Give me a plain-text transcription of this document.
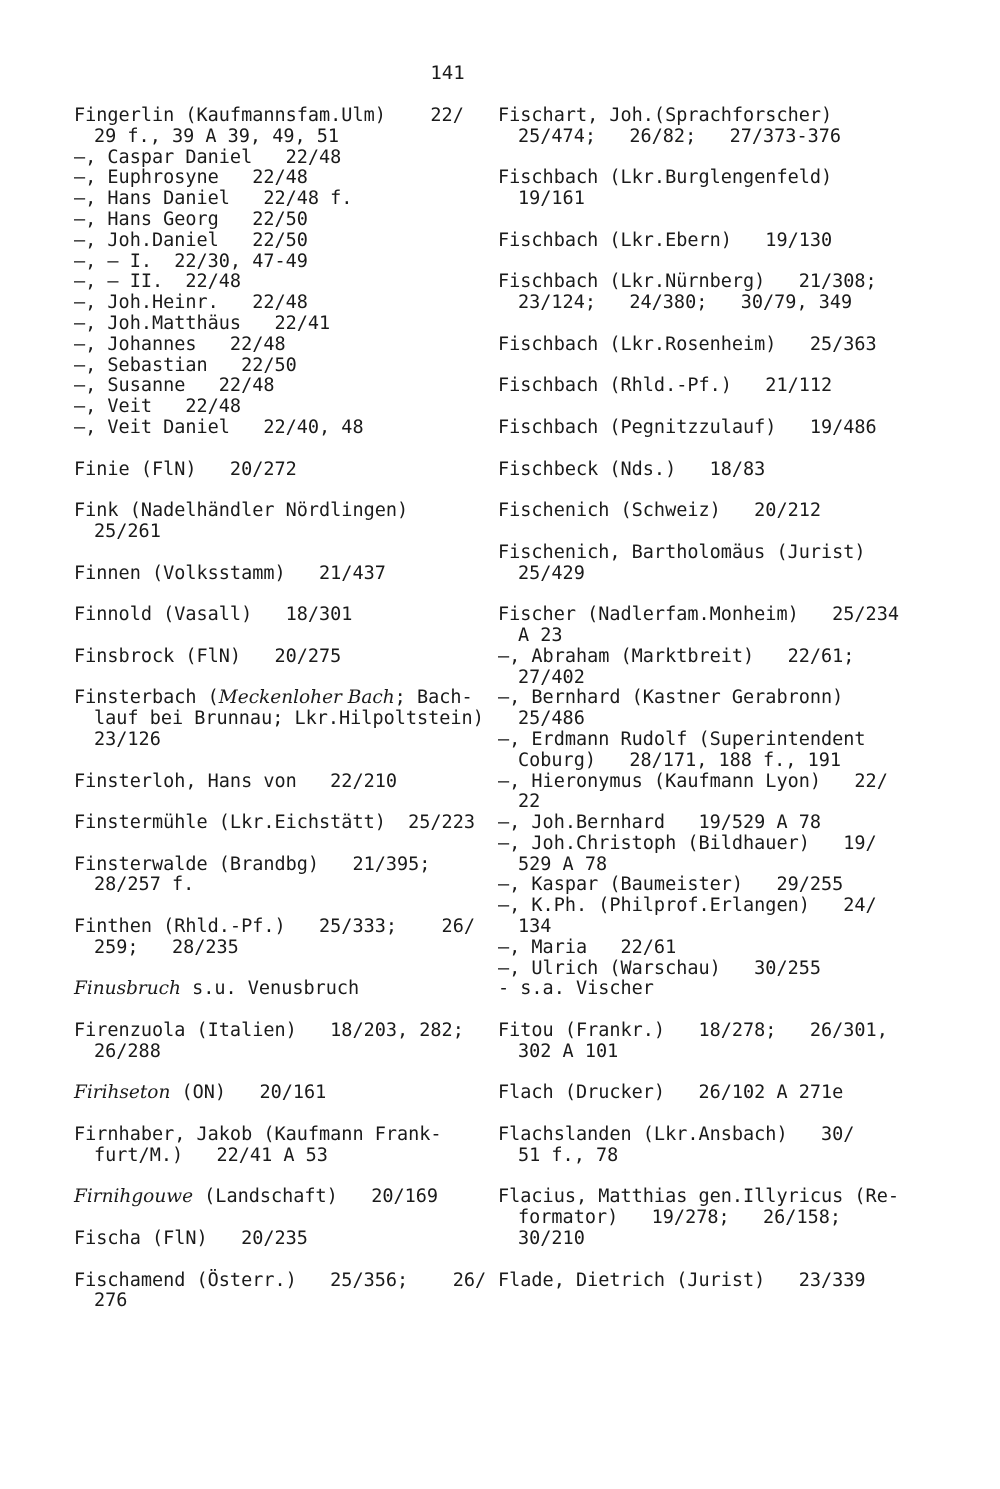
141
Fingerlin (Kaufmannsfam.Ulm)    22/
29 f., 39 A 39, 49, 51
—, Caspar Daniel   22/48
—, Euphrosyne   22/48
—, Hans Daniel   22/48 f.
—, Hans Georg   22/50
—, Joh.Daniel   22/50
—, — I.  22/30, 47-49
—, — II.  22/48
—, Joh.Heinr.   22/48
—, Joh.Matthäus   22/41
—, Johannes   22/48
—, Sebastian   22/50
—, Susanne   22/48
—, Veit   22/48
—, Veit Daniel   22/40, 48
Finie (FlN)   20/272
Fink (Nadelhändler Nördlingen)
25/261
Finnen (Volksstamm)   21/437
Finnold (Vasall)   18/301
Finsbrock (FlN)   20/275
Finsterbach (Meckenloher Bach; Bach-
lauf bei Brunnau; Lkr.Hilpoltstein)
23/126
Finsterloh, Hans von   22/210
Finstermühle (Lkr.Eichstätt)  25/223
Finsterwalde (Brandbg)   21/395;
28/257 f.
Finthen (Rhld.-Pf.)   25/333;    26/
259;   28/235
Finusbruch s.u. Venusbruch
Firenzuola (Italien)   18/203, 282;
26/288
Firihseton (ON)   20/161
Firnhaber, Jakob (Kaufmann Frank-
furt/M.)   22/41 A 53
Firnihgouwe (Landschaft)   20/169
Fischa (FlN)   20/235
Fischamend (Österr.)   25/356;    26/
276
Fischart, Joh.(Sprachforscher)
25/474;   26/82;   27/373-376
Fischbach (Lkr.Burglengenfeld)
19/161
Fischbach (Lkr.Ebern)   19/130
Fischbach (Lkr.Nürnberg)   21/308;
23/124;   24/380;   30/79, 349
Fischbach (Lkr.Rosenheim)   25/363
Fischbach (Rhld.-Pf.)   21/112
Fischbach (Pegnitzzulauf)   19/486
Fischbeck (Nds.)   18/83
Fischenich (Schweiz)   20/212
Fischenich, Bartholomäus (Jurist)
25/429
Fischer (Nadlerfam.Monheim)   25/234
A 23
—, Abraham (Marktbreit)   22/61;
27/402
—, Bernhard (Kastner Gerabronn)
25/486
—, Erdmann Rudolf (Superintendent
Coburg)   28/171, 188 f., 191
—, Hieronymus (Kaufmann Lyon)   22/
22
—, Joh.Bernhard   19/529 A 78
—, Joh.Christoph (Bildhauer)   19/
529 A 78
—, Kaspar (Baumeister)   29/255
—, K.Ph. (Philprof.Erlangen)   24/
134
—, Maria   22/61
—, Ulrich (Warschau)   30/255
- s.a. Vischer
Fitou (Frankr.)   18/278;   26/301,
302 A 101
Flach (Drucker)   26/102 A 271e
Flachslanden (Lkr.Ansbach)   30/
51 f., 78
Flacius, Matthias gen.Illyricus (Re-
formator)   19/278;   26/158;
30/210
Flade, Dietrich (Jurist)   23/339
